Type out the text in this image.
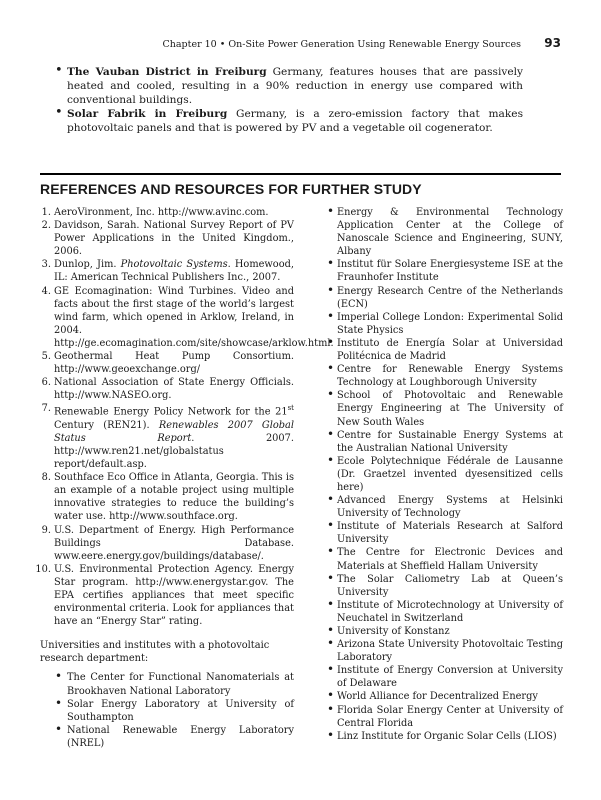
Chapter 10 • On-Site Power Generation Using Renewable Energy Sources 93
• The Vauban District in Freiburg Germany, features houses that are passively heated and cooled, resulting in a 90% reduction in energy use compared with conventional buildings.
• Solar Fabrik in Freiburg Germany, is a zero-emission factory that makes photovoltaic panels and that is powered by PV and a vegetable oil cogenerator.
REFERENCES AND RESOURCES FOR FURTHER STUDY
1. AeroVironment, Inc. http://www.avinc.com.
2. Davidson, Sarah. National Survey Report of PV Power Applications in the United Kingdom., 2006.
3. Dunlop, Jim. Photovoltaic Systems. Homewood, IL: American Technical Publishers Inc., 2007.
4. GE Ecomagination: Wind Turbines. Video and facts about the first stage of the world’s largest wind farm, which opened in Arklow, Ireland, in 2004. http://ge.ecomagination.com/site/showcase/arklow.html.
5. Geothermal Heat Pump Consortium. http://www.geoexchange.org/
6. National Association of State Energy Officials. http://www.NASEO.org.
7. Renewable Energy Policy Network for the 21st Century (REN21). Renewables 2007 Global Status Report. 2007. http://www.ren21.net/globalstatus report/default.asp.
8. Southface Eco Office in Atlanta, Georgia. This is an example of a notable project using multiple innovative strategies to reduce the building’s water use. http://www.southface.org.
9. U.S. Department of Energy. High Performance Buildings Database. www.eere.energy.gov/buildings/database/.
10. U.S. Environmental Protection Agency. Energy Star program. http://www.energystar.gov. The EPA certifies appliances that meet specific environmental criteria. Look for appliances that have an “Energy Star” rating.

Universities and institutes with a photovoltaic research department:

• The Center for Functional Nanomaterials at Brookhaven National Laboratory
• Solar Energy Laboratory at University of Southampton
• National Renewable Energy Laboratory (NREL)
• Energy & Environmental Technology Application Center at the College of Nanoscale Science and Engineering, SUNY, Albany
• Institut für Solare Energiesysteme ISE at the Fraunhofer Institute
• Energy Research Centre of the Netherlands (ECN)
• Imperial College London: Experimental Solid State Physics
• Instituto de Energía Solar at Universidad Politécnica de Madrid
• Centre for Renewable Energy Systems Technology at Loughborough University
• School of Photovoltaic and Renewable Energy Engineering at The University of New South Wales
• Centre for Sustainable Energy Systems at the Australian National University
• Ecole Polytechnique Fédérale de Lausanne (Dr. Graetzel invented dyesensitized cells here)
• Advanced Energy Systems at Helsinki University of Technology
• Institute of Materials Research at Salford University
• The Centre for Electronic Devices and Materials at Sheffield Hallam University
• The Solar Caliometry Lab at Queen’s University
• Institute of Microtechnology at University of Neuchatel in Switzerland
• University of Konstanz
• Arizona State University Photovoltaic Testing Laboratory
• Institute of Energy Conversion at University of Delaware
• World Alliance for Decentralized Energy
• Florida Solar Energy Center at University of Central Florida
• Linz Institute for Organic Solar Cells (LIOS)
